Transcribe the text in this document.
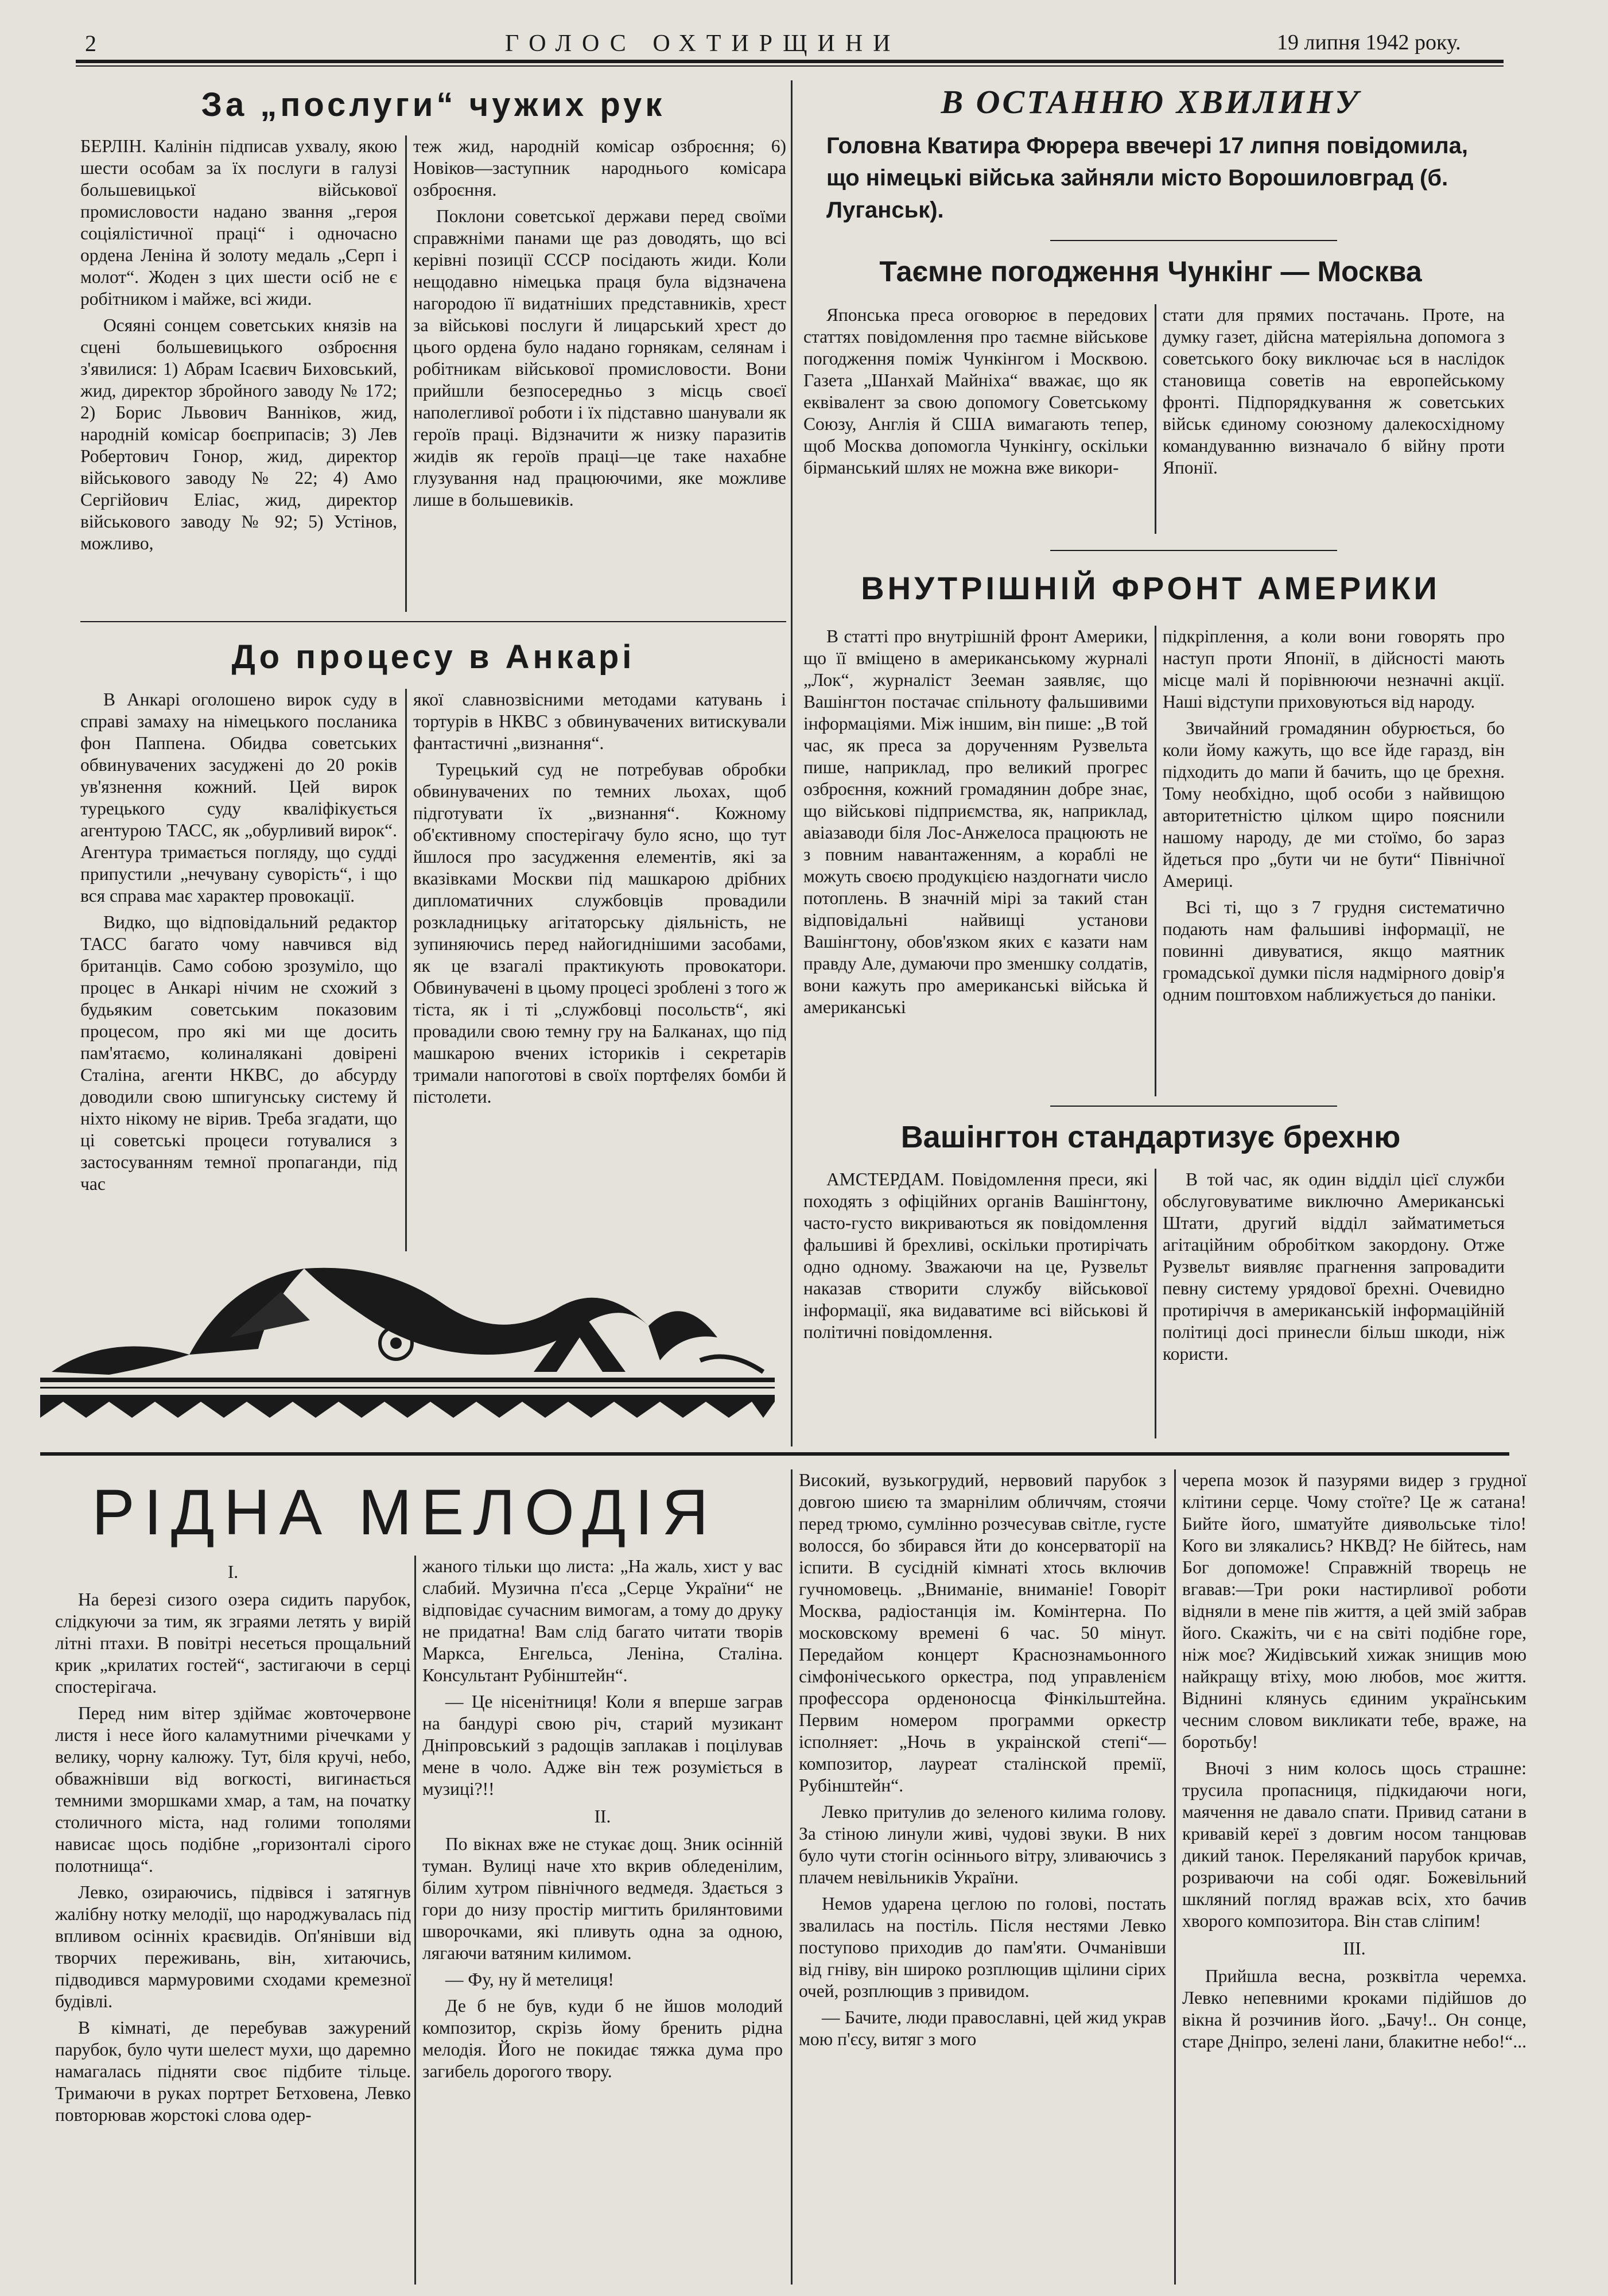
2	ГОЛОС ОХТИРЩИНИ	19 липня 1942 року.
За „послуги“ чужих рук

БЕРЛІН. Калінін підписав ухвалу, якою шести особам за їх послуги в галузі большевицької військової промисловости надано звання „героя соціялістичної праці“ і одночасно ордена Леніна й золоту медаль „Серп і молот“. Жоден з цих шести осіб не є робітником і майже, всі жиди.

Осяяні сонцем советських князів на сцені большевицького озброєння з'явилися: 1) Абрам Ісаєвич Биховський, жид, директор збройного заводу № 172; 2) Борис Львович Ванніков, жид, народній комісар боєприпасів; 3) Лев Робертович Гонор, жид, директор військового заводу № 22; 4) Амо Сергійович Еліас, жид, директор військового заводу № 92; 5) Устінов, можливо,

теж жид, народній комісар озброєння; 6) Новіков—заступник народнього комісара озброєння.

Поклони советської держави перед своїми справжніми панами ще раз доводять, що всі керівні позиції СССР посідають жиди. Коли нещодавно німецька праця була відзначена нагородою її видатніших представників, хрест за військові послуги й лицарський хрест до цього ордена було надано горнякам, селянам і робітникам військової промисловости. Вони прийшли безпосередньо з місць своєї наполегливої роботи і їх підставно шанували як героїв праці. Відзначити ж низку паразитів жидів як героїв праці—це таке нахабне глузування над працюючими, яке можливе лише в большевиків.

До процесу в Анкарі

В Анкарі оголошено вирок суду в справі замаху на німецького посланика фон Паппена. Обидва советських обвинувачених засуджені до 20 років ув'язнення кожний. Цей вирок турецького суду кваліфікується агентурою ТАСС, як „обурливий вирок“. Агентура тримається погляду, що судді припустили „нечувану суворість“, і що вся справа має характер провокації.

Видко, що відповідальний редактор ТАСС багато чому навчився від британців. Само собою зрозуміло, що процес в Анкарі нічим не схожий з будьяким советським показовим процесом, про які ми ще досить пам'ятаємо, колиналякані довірені Сталіна, агенти НКВС, до абсурду доводили свою шпигунську систему й ніхто нікому не вірив. Треба згадати, що ці советські процеси готувалися з застосуванням темної пропаганди, під час

якої славнозвісними методами катувань і тортурів в НКВС з обвинувачених витискували фантастичні „визнання“.

Турецький суд не потребував обробки обвинувачених по темних льохах, щоб підготувати їх „визнання“. Кожному об'єктивному спостерігачу було ясно, що тут йшлося про засудження елементів, які за вказівками Москви під машкарою дрібних дипломатичних службовців провадили розкладницьку агітаторську діяльність, не зупиняючись перед найогиднішими засобами, як це взагалі практикують провокатори. Обвинувачені в цьому процесі зроблені з того ж тіста, як і ті „службовці посольств“, які провадили свою темну гру на Балканах, що під машкарою вчених істориків і секретарів тримали напоготові в своїх портфелях бомби й пістолети.

В ОСТАННЮ ХВИЛИНУ
Головна Кватира Фюрера ввечері 17 липня повідомила, що німецькі війська зайняли місто Ворошиловград (б. Луганськ).
Таємне погодження Чункінг — Москва

Японська преса оговорює в передових статтях повідомлення про таємне військове погодження поміж Чункінгом і Москвою. Газета „Шанхай Майніха“ вважає, що як еквівалент за свою допомогу Советському Союзу, Англія й США вимагають тепер, щоб Москва допомогла Чункінгу, оскільки бірманський шлях не можна вже викори-

стати для прямих постачань. Проте, на думку газет, дійсна матеріяльна допомога з советського боку виключає ься в наслідок становища советів на европейському фронті. Підпорядкування ж советських військ єдиному союзному далекосхідному командуванню визначало б війну проти Японії.

ВНУТРІШНІЙ ФРОНТ АМЕРИКИ

В статті про внутрішній фронт Америки, що її вміщено в американському журналі „Лок“, журналіст Зееман заявляє, що Вашінгтон постачає спільноту фальшивими інформаціями. Між іншим, він пише: „В той час, як преса за дорученням Рузвельта пише, наприклад, про великий прогрес озброєння, кожний громадянин добре знає, що військові підприємства, як, наприклад, авіазаводи біля Лос-Анжелоса працюють не з повним навантаженням, а кораблі не можуть своєю продукцією наздогнати число потоплень. В значній мірі за такий стан відповідальні найвищі установи Вашінгтону, обов'язком яких є казати нам правду Але, думаючи про зменшку солдатів, вони кажуть про американські війська й американські

підкріплення, а коли вони говорять про наступ проти Японії, в дійсності мають місце малі й порівнюючи незначні акції. Наші відступи приховуються від народу.

Звичайний громадянин обурюється, бо коли йому кажуть, що все йде гаразд, він підходить до мапи й бачить, що це брехня. Тому необхідно, щоб особи з найвищою авторитетністю цілком щиро пояснили нашому народу, де ми стоїмо, бо зараз йдеться про „бути чи не бути“ Північної Америці.

Всі ті, що з 7 грудня систематично подають нам фальшиві інформації, не повинні дивуватися, якщо маятник громадської думки після надмірного довір'я одним поштовхом наближується до паніки.

Вашінгтон стандартизує брехню

АМСТЕРДАМ. Повідомлення преси, які походять з офіційних органів Вашінгтону, часто-густо викриваються як повідомлення фальшиві й брехливі, оскільки протирічать одно одному. Зважаючи на це, Рузвельт наказав створити службу військової інформації, яка видаватиме всі військові й політичні повідомлення.

В той час, як один відділ цієї служби обслуговуватиме виключно Американські Штати, другий відділ займатиметься агітаційним обробітком закордону. Отже Рузвельт виявляє прагнення запровадити певну систему урядової брехні. Очевидно протиріччя в американській інформаційній політиці досі принесли більш шкоди, ніж користи.

РІДНА МЕЛОДІЯ

I.

На березі сизого озера сидить парубок, слідкуючи за тим, як зграями летять у вирій літні птахи. В повітрі несеться прощальний крик „крилатих гостей“, застигаючи в серці спостерігача.

Перед ним вітер здіймає жовточервоне листя і несе його каламутними річечками у велику, чорну калюжу. Тут, біля кручі, небо, обважнівши від вогкості, вигинається темними зморшками хмар, а там, на початку столичного міста, над голими тополями нависає щось подібне „горизонталі сірого полотнища“.

Левко, озираючись, підвівся і затягнув жалібну нотку мелодії, що народжувалась під впливом осінніх краєвидів. Оп'янівши від творчих переживань, він, хитаючись, підводився мармуровими сходами кремезної будівлі.

В кімнаті, де перебував зажурений парубок, було чути шелест мухи, що даремно намагалась підняти своє підбите тільце. Тримаючи в руках портрет Бетховена, Левко повторював жорстокі слова одер-

жаного тільки що листа: „На жаль, хист у вас слабий. Музична п'єса „Серце України“ не відповідає сучасним вимогам, а тому до друку не придатна! Вам слід багато читати творів Маркса, Енгельса, Леніна, Сталіна. Консультант Рубінштейн“.

— Це нісенітниця! Коли я вперше заграв на бандурі свою річ, старий музикант Дніпровський з радощів заплакав і поцілував мене в чоло. Адже він теж розуміється в музиці?!!

II.

По вікнах вже не стукає дощ. Зник осінній туман. Вулиці наче хто вкрив обледенілим, білим хутром північного ведмедя. Здається з гори до низу простір мигтить брилянтовими шворочками, які пливуть одна за одною, лягаючи ватяним килимом.

— Фу, ну й метелиця!

Де б не був, куди б не йшов молодий композитор, скрізь йому бренить рідна мелодія. Його не покидає тяжка дума про загибель дорогого твору.

Високий, вузькогрудий, нервовий парубок з довгою шиєю та змарнілим обличчям, стоячи перед трюмо, сумлінно розчесував світле, густе волосся, бо збирався йти до консерваторії на іспити. В сусідній кімнаті хтось включив гучномовець. „Вниманіе, вниманіе! Говоріт Москва, радіостанція ім. Комінтерна. По московскому времені 6 час. 50 мінут. Передайом концерт Краснознамьонного сімфонічеського оркестра, под управленієм профессора орденоносца Фінкільштейна. Первим номером программи оркестр ісполняет: „Ночь в украінской степі“—композитор, лауреат сталінской премії, Рубінштейн“.

Левко притулив до зеленого килима голову. За стіною линули живі, чудові звуки. В них було чути стогін осіннього вітру, зливаючись з плачем невільників України.

Немов ударена цеглою по голові, постать звалилась на постіль. Після нестями Левко поступово приходив до пам'яти. Очманівши від гніву, він широко розплющив щілини сірих очей, розплющив з привидом.

— Бачите, люди православні, цей жид украв мою п'єсу, витяг з мого

черепа мозок й пазурями видер з грудної клітини серце. Чому стоїте? Це ж сатана! Бийте його, шматуйте диявольське тіло! Кого ви злякались? НКВД? Не бійтесь, нам Бог допоможе! Справжній творець не вгавав:—Три роки настирливої роботи відняли в мене пів життя, а цей змій забрав його. Скажіть, чи є на світі подібне горе, ніж моє? Жидівський хижак знищив мою найкращу втіху, мою любов, моє життя. Віднині клянусь єдиним українським чесним словом викликати тебе, враже, на боротьбу!

Вночі з ним колось щось страшне: трусила пропасниця, підкидаючи ноги, маячення не давало спати. Привид сатани в кривавій кереї з довгим носом танцював дикий танок. Переляканий парубок кричав, розриваючи на собі одяг. Божевільний шкляний погляд вражав всіх, хто бачив хворого композитора. Він став сліпим!

III.

Прийшла весна, розквітла черемха. Левко непевними кроками підійшов до вікна й розчинив його. „Бачу!.. Он сонце, старе Дніпро, зелені лани, блакитне небо!“...
